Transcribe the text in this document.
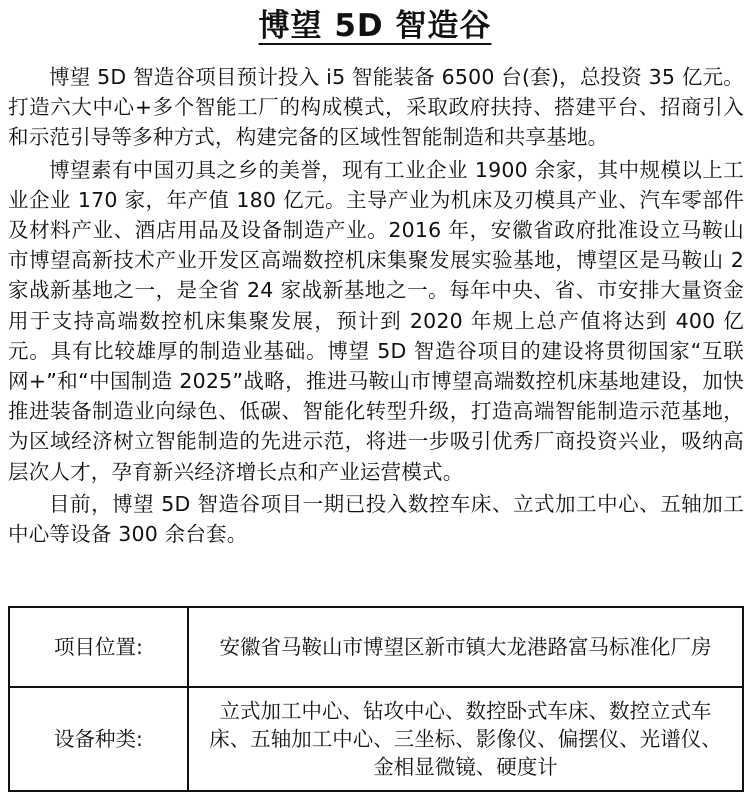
博望 5D 智造谷

博望 5D 智造谷项目预计投入 i5 智能装备 6500 台(套)，总投资 35 亿元。打造六大中心+多个智能工厂的构成模式，采取政府扶持、搭建平台、招商引入和示范引导等多种方式，构建完备的区域性智能制造和共享基地。

博望素有中国刃具之乡的美誉，现有工业企业 1900 余家，其中规模以上工业企业 170 家，年产值 180 亿元。主导产业为机床及刃模具产业、汽车零部件及材料产业、酒店用品及设备制造产业。2016 年，安徽省政府批准设立马鞍山市博望高新技术产业开发区高端数控机床集聚发展实验基地，博望区是马鞍山 2 家战新基地之一，是全省 24 家战新基地之一。每年中央、省、市安排大量资金用于支持高端数控机床集聚发展，预计到 2020 年规上总产值将达到 400 亿元。具有比较雄厚的制造业基础。博望 5D 智造谷项目的建设将贯彻国家“互联网+”和“中国制造 2025”战略，推进马鞍山市博望高端数控机床基地建设，加快推进装备制造业向绿色、低碳、智能化转型升级，打造高端智能制造示范基地，为区域经济树立智能制造的先进示范，将进一步吸引优秀厂商投资兴业，吸纳高层次人才，孕育新兴经济增长点和产业运营模式。

目前，博望 5D 智造谷项目一期已投入数控车床、立式加工中心、五轴加工中心等设备 300 余台套。

项目位置:	安徽省马鞍山市博望区新市镇大龙港路富马标准化厂房
设备种类:	立式加工中心、钻攻中心、数控卧式车床、数控立式车床、五轴加工中心、三坐标、影像仪、偏摆仪、光谱仪、金相显微镜、硬度计
